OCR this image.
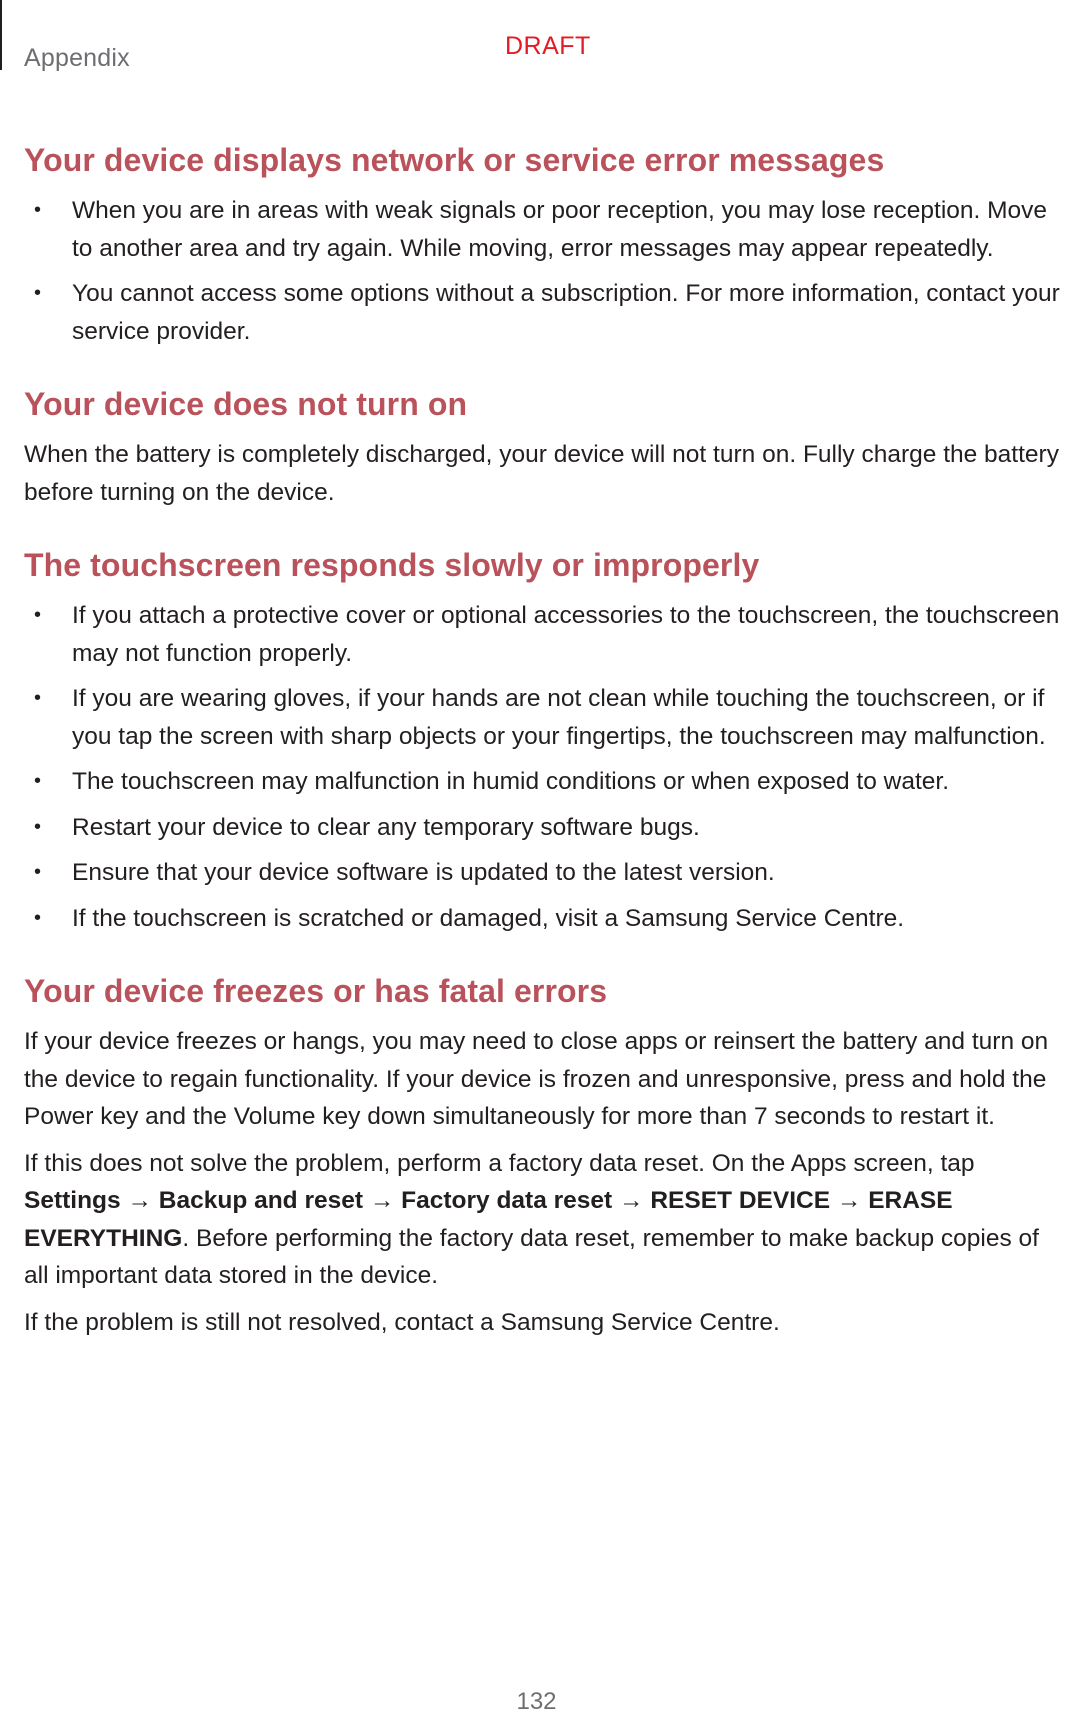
Appendix	DRAFT
Your device displays network or service error messages
• When you are in areas with weak signals or poor reception, you may lose reception. Move to another area and try again. While moving, error messages may appear repeatedly.
• You cannot access some options without a subscription. For more information, contact your service provider.
Your device does not turn on

When the battery is completely discharged, your device will not turn on. Fully charge the battery before turning on the device.

The touchscreen responds slowly or improperly
• If you attach a protective cover or optional accessories to the touchscreen, the touchscreen may not function properly.
• If you are wearing gloves, if your hands are not clean while touching the touchscreen, or if you tap the screen with sharp objects or your fingertips, the touchscreen may malfunction.
• The touchscreen may malfunction in humid conditions or when exposed to water.
• Restart your device to clear any temporary software bugs.
• Ensure that your device software is updated to the latest version.
• If the touchscreen is scratched or damaged, visit a Samsung Service Centre.
Your device freezes or has fatal errors

If your device freezes or hangs, you may need to close apps or reinsert the battery and turn on the device to regain functionality. If your device is frozen and unresponsive, press and hold the Power key and the Volume key down simultaneously for more than 7 seconds to restart it.

If this does not solve the problem, perform a factory data reset. On the Apps screen, tap Settings → Backup and reset → Factory data reset → RESET DEVICE → ERASE EVERYTHING. Before performing the factory data reset, remember to make backup copies of all important data stored in the device.

If the problem is still not resolved, contact a Samsung Service Centre.

132
